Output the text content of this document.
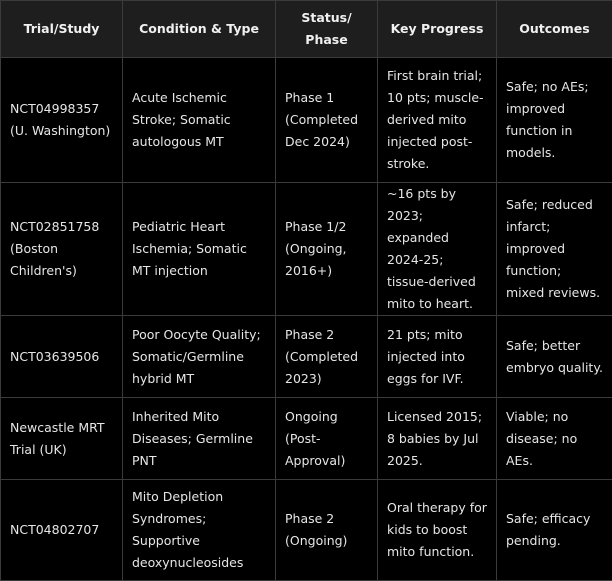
Trial/Study	Condition & Type	Status/ Phase	Key Progress	Outcomes
NCT04998357 (U. Washington)	Acute Ischemic Stroke; Somatic autologous MT	Phase 1 (Completed Dec 2024)	First brain trial; 10 pts; muscle-derived mito injected post-stroke.	Safe; no AEs; improved function in models.
NCT02851758 (Boston Children's)	Pediatric Heart Ischemia; Somatic MT injection	Phase 1/2 (Ongoing, 2016+)	~16 pts by 2023; expanded 2024-25; tissue-derived mito to heart.	Safe; reduced infarct; improved function; mixed reviews.
NCT03639506	Poor Oocyte Quality; Somatic/Germline hybrid MT	Phase 2 (Completed 2023)	21 pts; mito injected into eggs for IVF.	Safe; better embryo quality.
Newcastle MRT Trial (UK)	Inherited Mito Diseases; Germline PNT	Ongoing (Post-Approval)	Licensed 2015; 8 babies by Jul 2025.	Viable; no disease; no AEs.
NCT04802707	Mito Depletion Syndromes; Supportive deoxynucleosides	Phase 2 (Ongoing)	Oral therapy for kids to boost mito function.	Safe; efficacy pending.
